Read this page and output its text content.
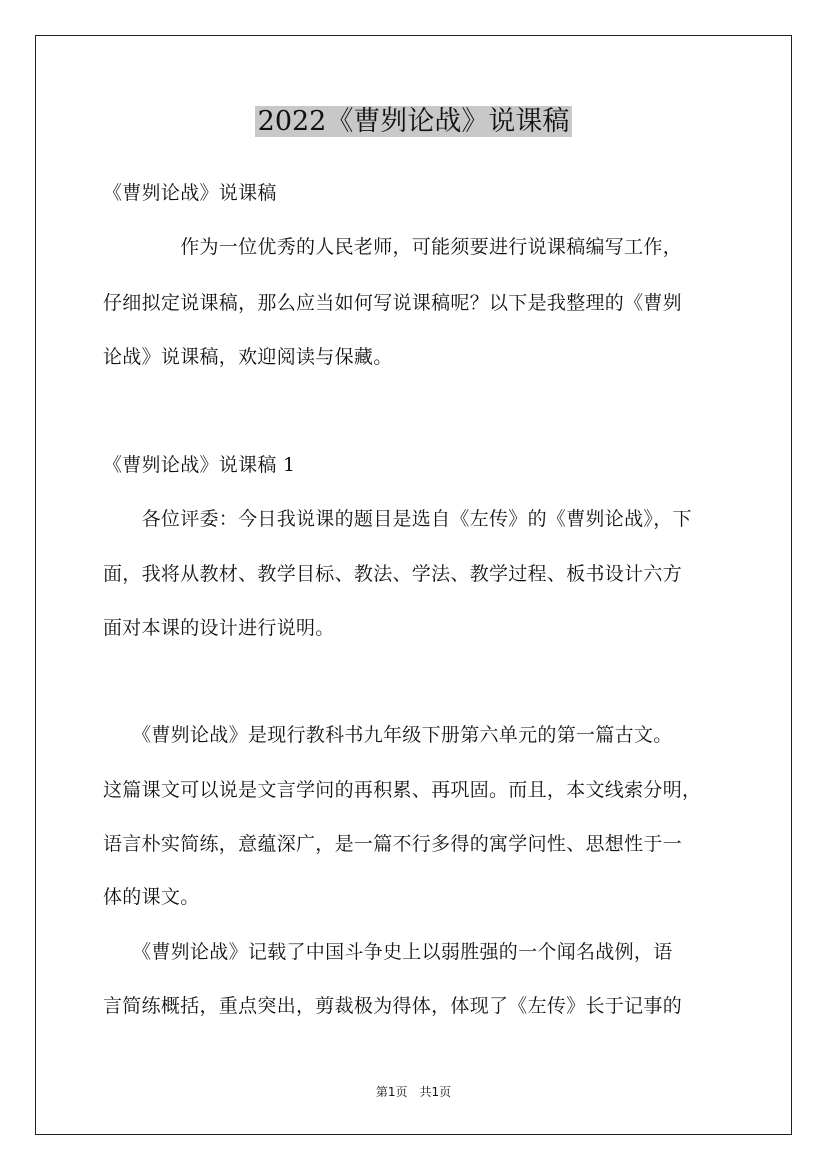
2022《曹刿论战》说课稿
《曹刿论战》说课稿
　　　　作为一位优秀的人民老师，可能须要进行说课稿编写工作，
仔细拟定说课稿，那么应当如何写说课稿呢？以下是我整理的《曹刿
论战》说课稿，欢迎阅读与保藏。
《曹刿论战》说课稿 1
　　各位评委：今日我说课的题目是选自《左传》的《曹刿论战》，下
面，我将从教材、教学目标、教法、学法、教学过程、板书设计六方
面对本课的设计进行说明。
　　《曹刿论战》是现行教科书九年级下册第六单元的第一篇古文。
这篇课文可以说是文言学问的再积累、再巩固。而且，本文线索分明，
语言朴实简练，意蕴深广，是一篇不行多得的寓学问性、思想性于一
体的课文。
　　《曹刿论战》记载了中国斗争史上以弱胜强的一个闻名战例，语
言简练概括，重点突出，剪裁极为得体，体现了《左传》长于记事的
第1页　共1页
